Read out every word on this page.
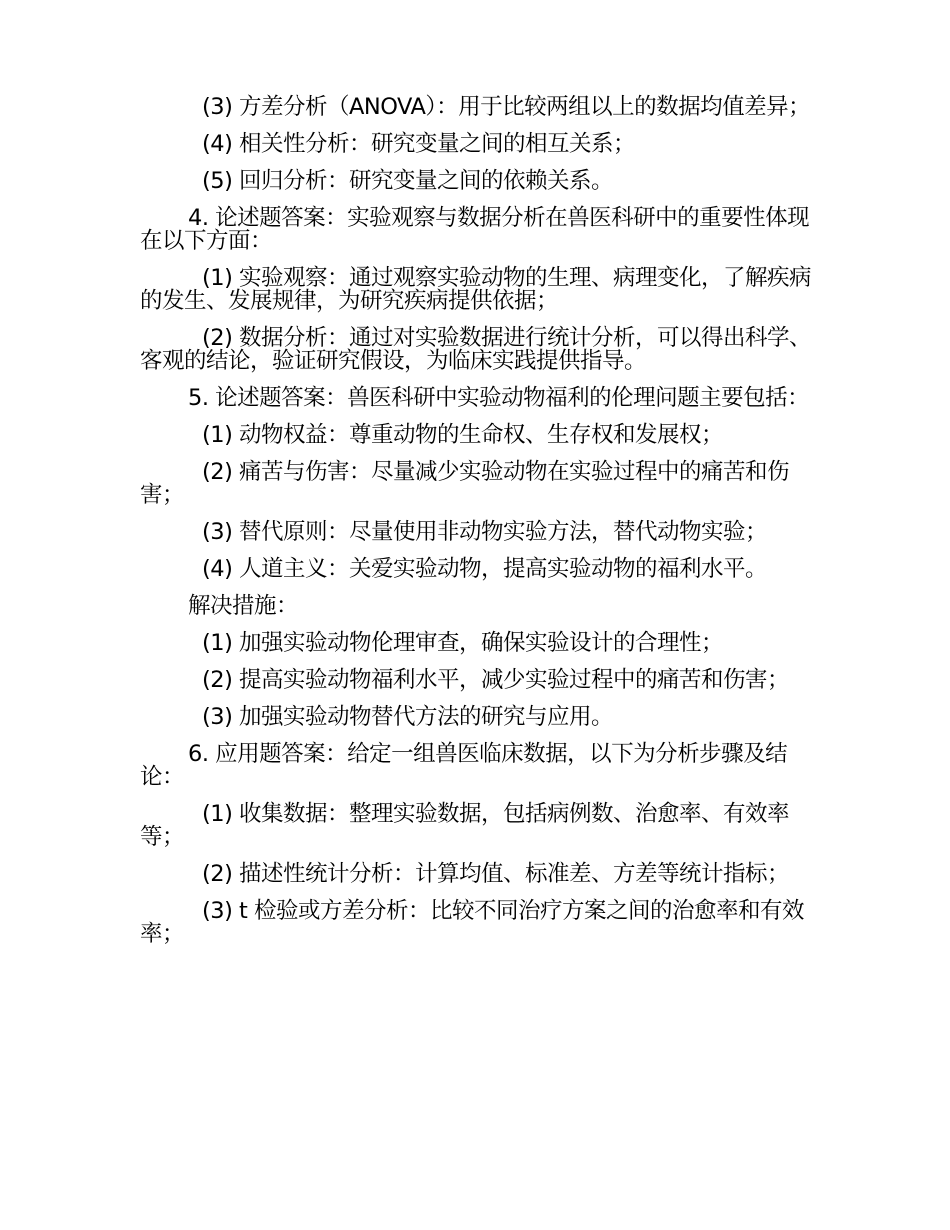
(3) 方差分析（ANOVA）：用于比较两组以上的数据均值差异；

(4) 相关性分析：研究变量之间的相互关系；

(5) 回归分析：研究变量之间的依赖关系。

4. 论述题答案：实验观察与数据分析在兽医科研中的重要性体现在以下方面：

(1) 实验观察：通过观察实验动物的生理、病理变化，了解疾病的发生、发展规律，为研究疾病提供依据；

(2) 数据分析：通过对实验数据进行统计分析，可以得出科学、客观的结论，验证研究假设，为临床实践提供指导。

5. 论述题答案：兽医科研中实验动物福利的伦理问题主要包括：

(1) 动物权益：尊重动物的生命权、生存权和发展权；

(2) 痛苦与伤害：尽量减少实验动物在实验过程中的痛苦和伤害；

(3) 替代原则：尽量使用非动物实验方法，替代动物实验；

(4) 人道主义：关爱实验动物，提高实验动物的福利水平。

解决措施：

(1) 加强实验动物伦理审查，确保实验设计的合理性；

(2) 提高实验动物福利水平，减少实验过程中的痛苦和伤害；

(3) 加强实验动物替代方法的研究与应用。

6. 应用题答案：给定一组兽医临床数据，以下为分析步骤及结论：

(1) 收集数据：整理实验数据，包括病例数、治愈率、有效率等；

(2) 描述性统计分析：计算均值、标准差、方差等统计指标；

(3) t 检验或方差分析：比较不同治疗方案之间的治愈率和有效率；
